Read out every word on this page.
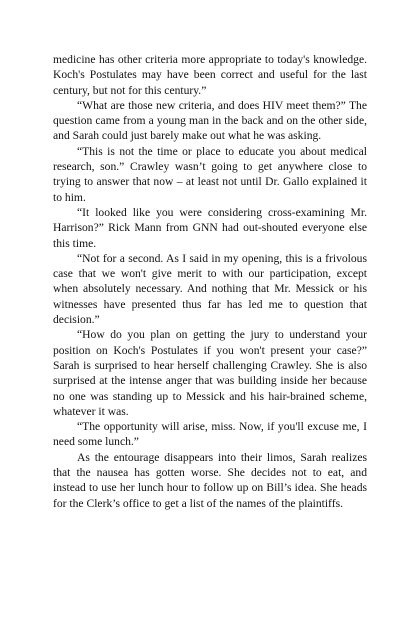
medicine has other criteria more appropriate to today's knowledge. Koch's Postulates may have been correct and useful for the last century, but not for this century.”

“What are those new criteria, and does HIV meet them?” The question came from a young man in the back and on the other side, and Sarah could just barely make out what he was asking.

“This is not the time or place to educate you about medical research, son.” Crawley wasn’t going to get anywhere close to trying to answer that now – at least not until Dr. Gallo explained it to him.

“It looked like you were considering cross-examining Mr. Harrison?” Rick Mann from GNN had out-shouted everyone else this time.

“Not for a second. As I said in my opening, this is a frivolous case that we won't give merit to with our participation, except when absolutely necessary. And nothing that Mr. Messick or his witnesses have presented thus far has led me to question that decision.”

“How do you plan on getting the jury to understand your position on Koch's Postulates if you won't present your case?” Sarah is surprised to hear herself challenging Crawley. She is also surprised at the intense anger that was building inside her because no one was standing up to Messick and his hair-brained scheme, whatever it was.

“The opportunity will arise, miss. Now, if you'll excuse me, I need some lunch.”

As the entourage disappears into their limos, Sarah realizes that the nausea has gotten worse. She decides not to eat, and instead to use her lunch hour to follow up on Bill’s idea. She heads for the Clerk’s office to get a list of the names of the plaintiffs.
